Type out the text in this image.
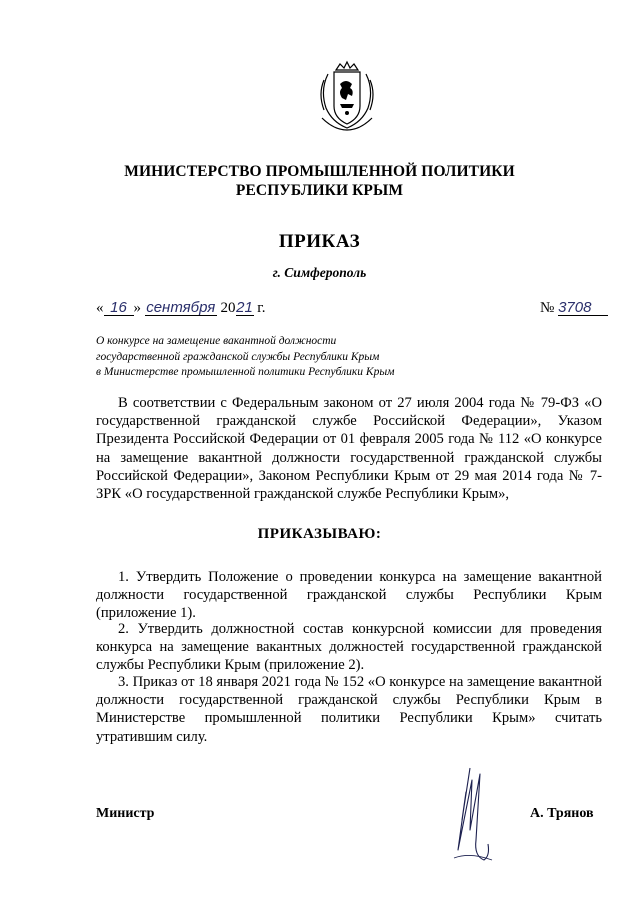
МИНИСТЕРСТВО ПРОМЫШЛЕННОЙ ПОЛИТИКИ
РЕСПУБЛИКИ КРЫМ
ПРИКАЗ
г. Симферополь
« 16 » сентября 2021 г.	№ 3708
О конкурсе на замещение вакантной должности
государственной гражданской службы Республики Крым
в Министерстве промышленной политики Республики Крым
В соответствии с Федеральным законом от 27 июля 2004 года № 79-ФЗ «О государственной гражданской службе Российской Федерации», Указом Президента Российской Федерации от 01 февраля 2005 года № 112 «О конкурсе на замещение вакантной должности государственной гражданской службы Российской Федерации», Законом Республики Крым от 29 мая 2014 года № 7-ЗРК «О государственной гражданской службе Республики Крым»,
ПРИКАЗЫВАЮ:
1. Утвердить Положение о проведении конкурса на замещение вакантной должности государственной гражданской службы Республики Крым (приложение 1).
2. Утвердить должностной состав конкурсной комиссии для проведения конкурса на замещение вакантных должностей государственной гражданской службы Республики Крым (приложение 2).
3. Приказ от 18 января 2021 года № 152 «О конкурсе на замещение вакантной должности государственной гражданской службы Республики Крым в Министерстве промышленной политики Республики Крым» считать утратившим силу.
Министр	А. Трянов
